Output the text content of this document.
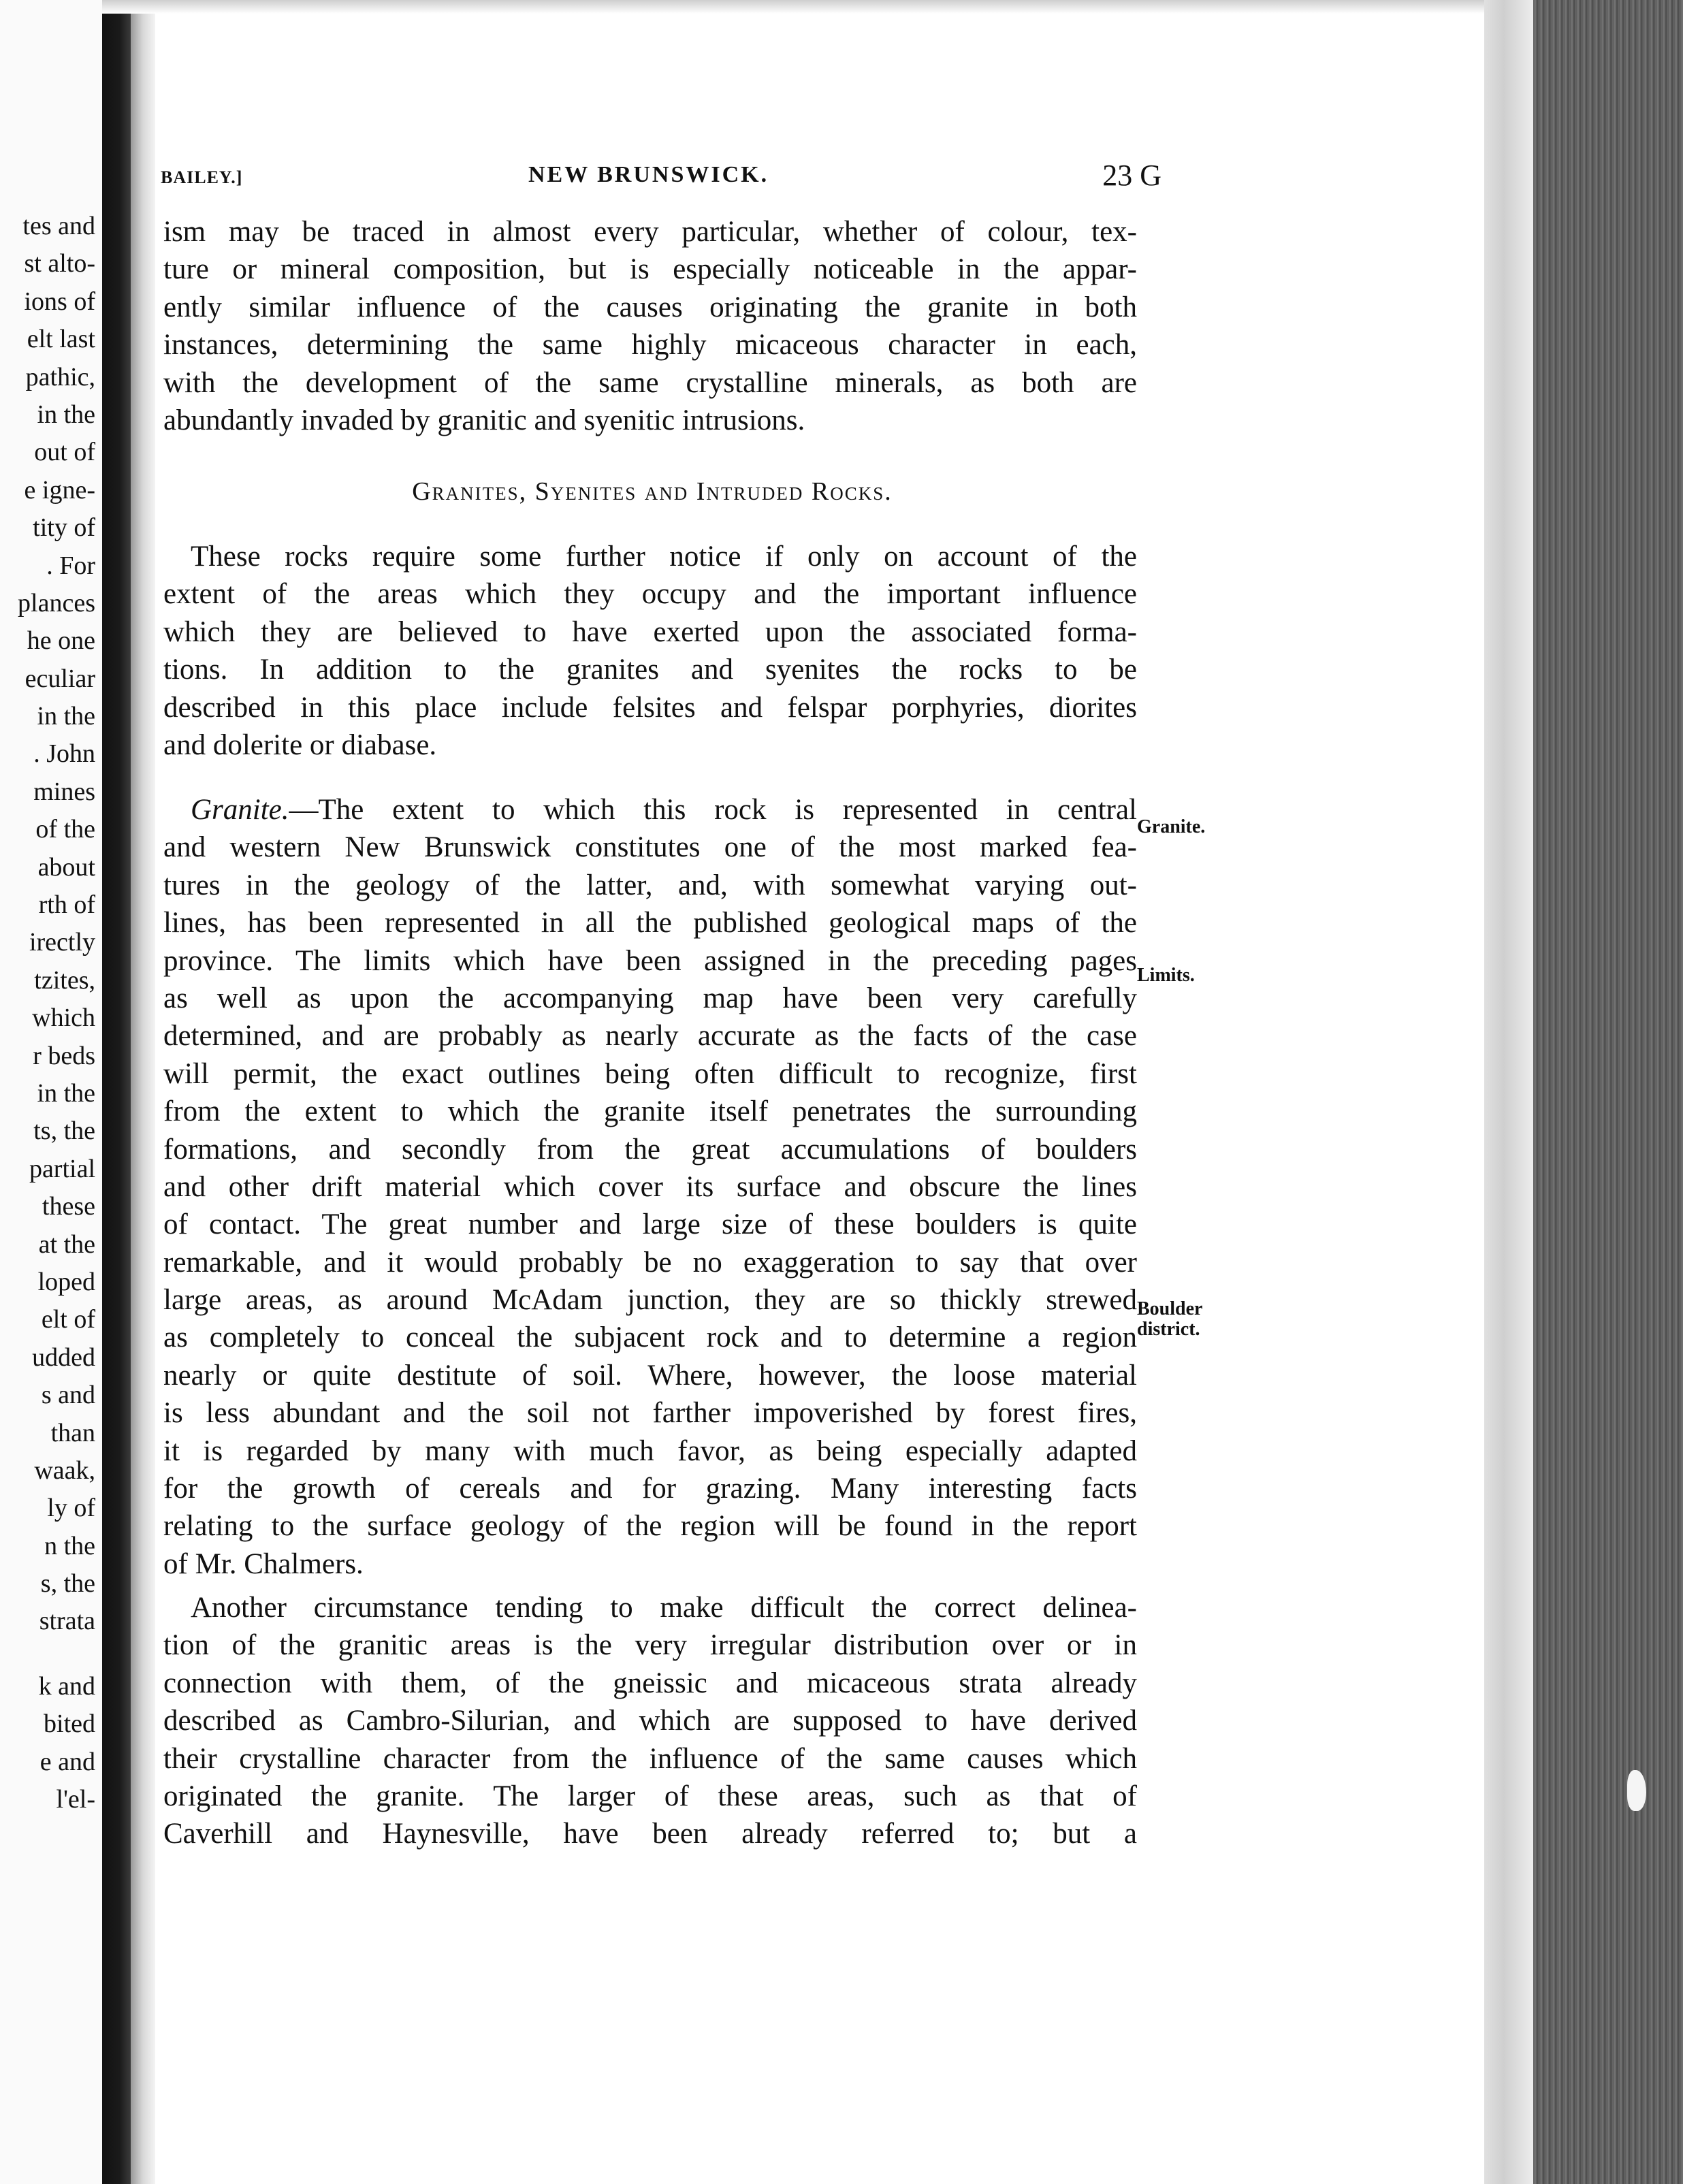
tes and
st alto-
ions of
elt last
pathic,
in the
out of
e igne-
tity of
. For
plances
he one
eculiar
in the
. John
mines
of the
about
rth of
irectly
tzites,
which
r beds
in the
ts, the
partial
these
at the
loped
elt of
udded
s and
than
waak,
ly of
n the
s, the
strata
k and
bited
e and
l'el-
BAILEY.]	NEW BRUNSWICK.	23 G
ism may be traced in almost every particular, whether of colour, tex-
ture or mineral composition, but is especially noticeable in the appar-
ently similar influence of the causes originating the granite in both
instances, determining the same highly micaceous character in each,
with the development of the same crystalline minerals, as both are
abundantly invaded by granitic and syenitic intrusions.
Granites, Syenites and Intruded Rocks.
These rocks require some further notice if only on account of the
extent of the areas which they occupy and the important influence
which they are believed to have exerted upon the associated forma-
tions. In addition to the granites and syenites the rocks to be
described in this place include felsites and felspar porphyries, diorites
and dolerite or diabase.
Granite.—The extent to which this rock is represented in central
and western New Brunswick constitutes one of the most marked fea-
tures in the geology of the latter, and, with somewhat varying out-
lines, has been represented in all the published geological maps of the
province. The limits which have been assigned in the preceding pages
as well as upon the accompanying map have been very carefully
determined, and are probably as nearly accurate as the facts of the case
will permit, the exact outlines being often difficult to recognize, first
from the extent to which the granite itself penetrates the surrounding
formations, and secondly from the great accumulations of boulders
and other drift material which cover its surface and obscure the lines
of contact. The great number and large size of these boulders is quite
remarkable, and it would probably be no exaggeration to say that over
large areas, as around McAdam junction, they are so thickly strewed
as completely to conceal the subjacent rock and to determine a region
nearly or quite destitute of soil. Where, however, the loose material
is less abundant and the soil not farther impoverished by forest fires,
it is regarded by many with much favor, as being especially adapted
for the growth of cereals and for grazing. Many interesting facts
relating to the surface geology of the region will be found in the report
of Mr. Chalmers.
Another circumstance tending to make difficult the correct delinea-
tion of the granitic areas is the very irregular distribution over or in
connection with them, of the gneissic and micaceous strata already
described as Cambro-Silurian, and which are supposed to have derived
their crystalline character from the influence of the same causes which
originated the granite. The larger of these areas, such as that of
Caverhill and Haynesville, have been already referred to; but a
Granite.
Limits.
Boulder
district.
